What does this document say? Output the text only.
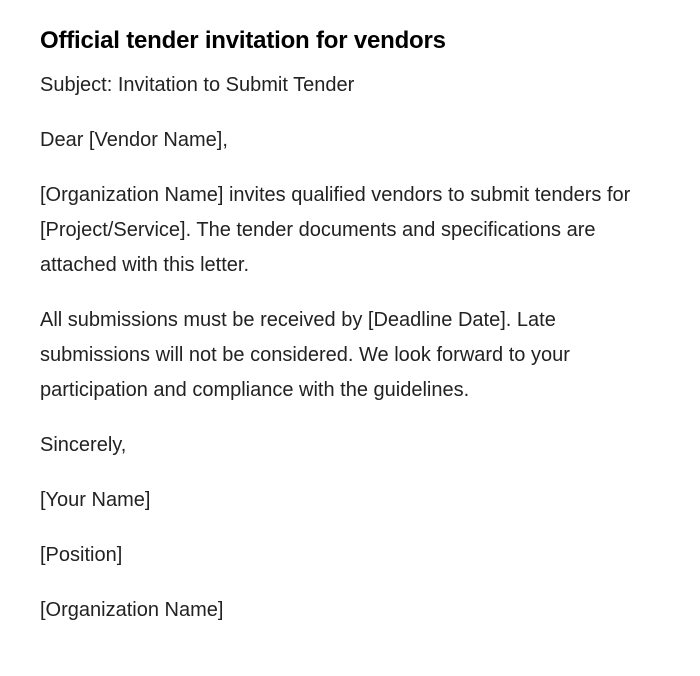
Official tender invitation for vendors

Subject: Invitation to Submit Tender

Dear [Vendor Name],

[Organization Name] invites qualified vendors to submit tenders for [Project/Service]. The tender documents and specifications are attached with this letter.

All submissions must be received by [Deadline Date]. Late submissions will not be considered. We look forward to your participation and compliance with the guidelines.

Sincerely,

[Your Name]

[Position]

[Organization Name]
